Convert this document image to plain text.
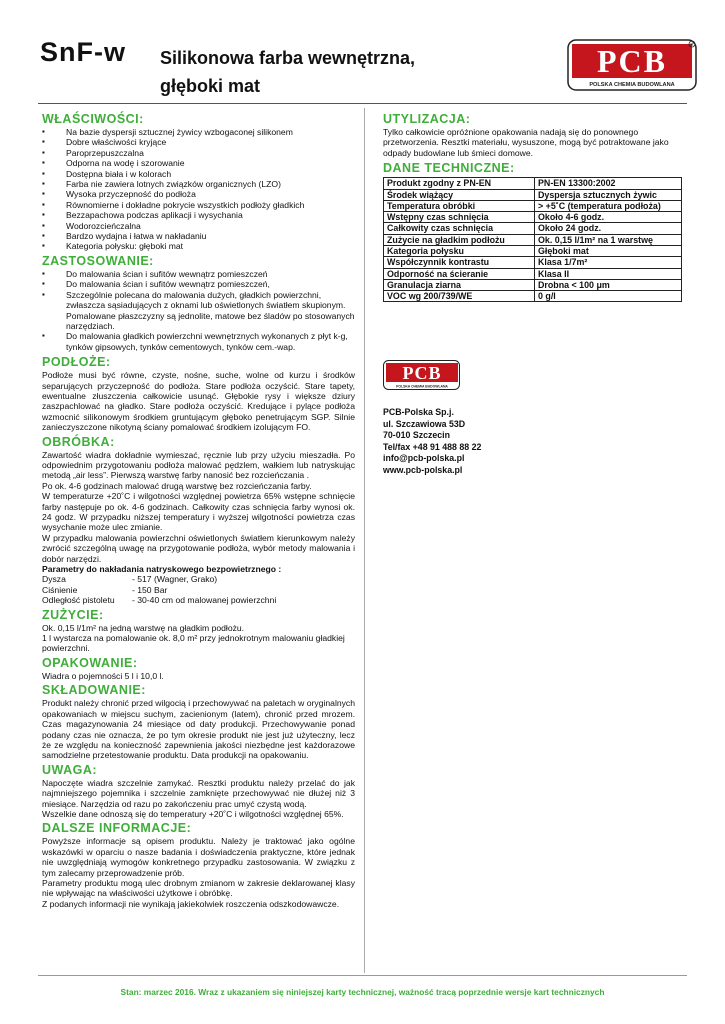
SnF-w Silikonowa farba wewnętrzna,
głęboki mat
PCB
POLSKA CHEMIA BUDOWLANA
R
WŁAŚCIWOŚCI:
▪ Na bazie dyspersji sztucznej żywicy wzbogaconej silikonem
▪ Dobre właściwości kryjące
▪ Paroprzepuszczalna
▪ Odporna na wodę i szorowanie
▪ Dostępna biała i w kolorach
▪ Farba nie zawiera lotnych związków organicznych (LZO)
▪ Wysoka przyczepność do podłoża
▪ Równomierne i dokładne pokrycie wszystkich podłoży gładkich
▪ Bezzapachowa podczas aplikacji i wysychania
▪ Wodorozcieńczalna
▪ Bardzo wydajna i łatwa w nakładaniu
▪ Kategoria połysku: głęboki mat
ZASTOSOWANIE:
▪ Do malowania ścian i sufitów wewnątrz pomieszczeń
▪ Do malowania ścian i sufitów wewnątrz pomieszczeń,
▪ Szczególnie polecana do malowania dużych, gładkich powierzchni, zwłaszcza sąsiadujących z oknami lub oświetlonych światłem skupionym. Pomalowane płaszczyzny są jednolite, matowe bez śladów po stosowanych narzędziach.
▪ Do malowania gładkich powierzchni wewnętrznych wykonanych z płyt k-g, tynków gipsowych, tynków cementowych, tynków cem.-wap.
PODŁOŻE:

Podłoże musi być równe, czyste, nośne, suche, wolne od kurzu i środków separujących przyczepność do podłoża. Stare podłoża oczyścić. Stare tapety, ewentualne złuszczenia całkowicie usunąć. Głębokie rysy i większe dziury zaszpachlować na gładko. Stare podłoża oczyścić. Kredujące i pylące podłoża wzmocnić silikonowym środkiem gruntującym głęboko penetrującym SGP. Silnie zanieczyszczone nikotyną ściany pomalować środkiem izolującym FO.

OBRÓBKA:

Zawartość wiadra dokładnie wymieszać, ręcznie lub przy użyciu mieszadła. Po odpowiednim przygotowaniu podłoża malować pędzlem, wałkiem lub natryskując metodą „air less”. Pierwszą warstwę farby nanosić bez rozcieńczania .

Po ok. 4-6 godzinach malować drugą warstwę bez rozcieńczania farby.

W temperaturze +20˚C i wilgotności względnej powietrza 65% wstępne schnięcie farby następuje po ok. 4-6 godzinach. Całkowity czas schnięcia farby wynosi ok. 24 godz. W przypadku niższej temperatury i wyższej wilgotności powietrza czas wysychanie może ulec zmianie.

W przypadku malowania powierzchni oświetlonych światłem kierunkowym należy zwrócić szczególną uwagę na przygotowanie podłoża, wybór metody malowania i dobór narzędzi.

Parametry do nakładania natryskowego bezpowietrznego :

Dysza	- 517 (Wagner, Grako)
Ciśnienie	- 150 Bar
Odległość pistoletu	- 30-40 cm od malowanej powierzchni
ZUŻYCIE:

Ok. 0,15 l/1m² na jedną warstwę na gładkim podłożu.

1 l wystarcza na pomalowanie ok. 8,0 m² przy jednokrotnym malowaniu gładkiej powierzchni.

OPAKOWANIE:

Wiadra o pojemności 5 l i 10,0 l.

SKŁADOWANIE:

Produkt należy chronić przed wilgocią i przechowywać na paletach w oryginalnych opakowaniach w miejscu suchym, zacienionym (latem), chronić przed mrozem. Czas magazynowania 24 miesiące od daty produkcji. Przechowywanie ponad podany czas nie oznacza, że po tym okresie produkt nie jest już użyteczny, lecz że ze względu na konieczność zapewnienia jakości niezbędne jest każdorazowe samodzielne przetestowanie produktu. Data produkcji na opakowaniu.

UWAGA:

Napoczęte wiadra szczelnie zamykać. Resztki produktu należy przelać do jak najmniejszego pojemnika i szczelnie zamknięte przechowywać nie dłużej niż 3 miesiące. Narzędzia od razu po zakończeniu prac umyć czystą wodą.

Wszelkie dane odnoszą się do temperatury +20˚C i wilgotności względnej 65%.

DALSZE INFORMACJE:

Powyższe informacje są opisem produktu. Należy je traktować jako ogólne wskazówki w oparciu o nasze badania i doświadczenia praktyczne, które jednak nie uwzględniają wymogów konkretnego przypadku zastosowania. W związku z tym zalecamy przeprowadzenie prób.

Parametry produktu mogą ulec drobnym zmianom w zakresie deklarowanej klasy nie wpływając na właściwości użytkowe i obróbkę.

Z podanych informacji nie wynikają jakiekolwiek roszczenia odszkodowawcze.

UTYLIZACJA:

Tylko całkowicie opróżnione opakowania nadają się do ponownego przetworzenia. Resztki materiału, wysuszone, mogą być potraktowane jako odpady budowlane lub śmieci domowe.

DANE TECHNICZNE:
Produkt zgodny z PN-EN	PN-EN 13300:2002
Środek wiążący	Dyspersja sztucznych żywic
Temperatura obróbki	> +5˚C (temperatura podłoża)
Wstępny czas schnięcia	Około 4-6 godz.
Całkowity czas schnięcia	Około 24 godz.
Zużycie na gładkim podłożu	Ok. 0,15 l/1m² na 1 warstwę
Kategoria połysku	Głęboki mat
Współczynnik kontrastu	Klasa 1/7m²
Odporność na ścieranie	Klasa II
Granulacja ziarna	Drobna < 100 μm
VOC wg 200/739/WE	0 g/l
PCB
POLSKA CHEMIA BUDOWLANA
PCB-Polska Sp.j.
ul. Szczawiowa 53D
70-010 Szczecin
Tel/fax +48 91 488 88 22
info@pcb-polska.pl
www.pcb-polska.pl
Stan: marzec 2016. Wraz z ukazaniem się niniejszej karty technicznej, ważność tracą poprzednie wersje kart technicznych
